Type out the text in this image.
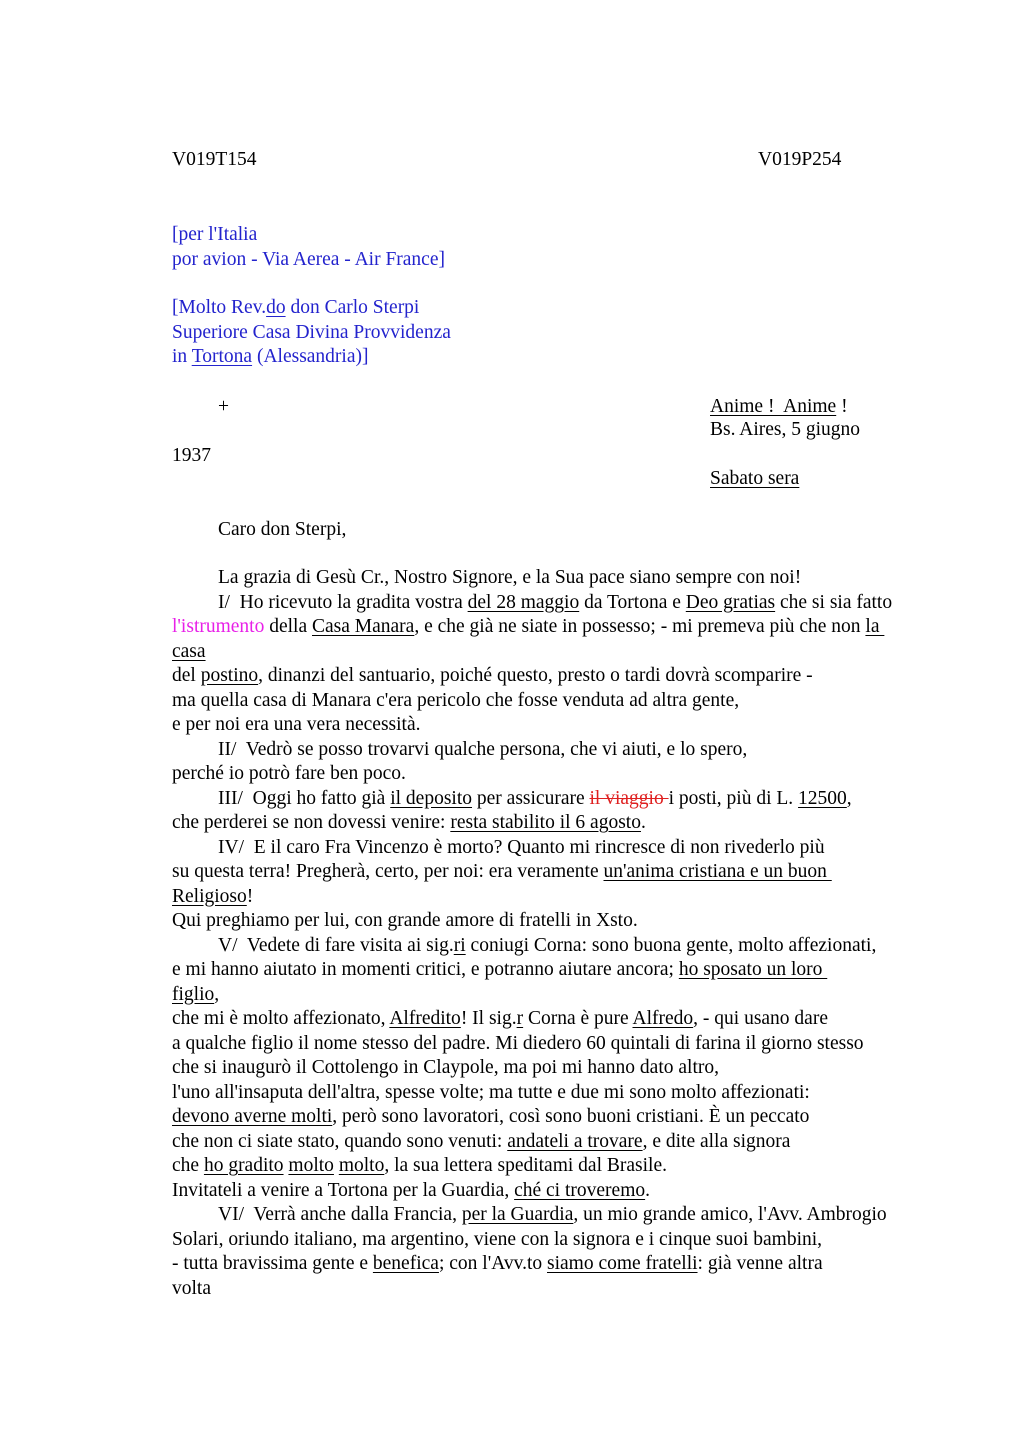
V019T154	V019P254
[per l'Italia
por avion - Via Aerea - Air France]
[Molto Rev.do don Carlo Sterpi
Superiore Casa Divina Provvidenza
in Tortona (Alessandria)]
+	Anime !  Anime !
Bs. Aires, 5 giugno
1937
Sabato sera
Caro don Sterpi,
La grazia di Gesù Cr., Nostro Signore, e la Sua pace siano sempre con noi!
I/  Ho ricevuto la gradita vostra del 28 maggio da Tortona e Deo gratias che si sia fatto
l'istrumento della Casa Manara, e che già ne siate in possesso; - mi premeva più che non la
casa
del postino, dinanzi del santuario, poiché questo, presto o tardi dovrà scomparire -
ma quella casa di Manara c'era pericolo che fosse venduta ad altra gente,
e per noi era una vera necessità.
II/  Vedrò se posso trovarvi qualche persona, che vi aiuti, e lo spero,
perché io potrò fare ben poco.
III/  Oggi ho fatto già il deposito per assicurare il viaggio i posti, più di L. 12500,
che perderei se non dovessi venire: resta stabilito il 6 agosto.
IV/  E il caro Fra Vincenzo è morto? Quanto mi rincresce di non rivederlo più
su questa terra! Pregherà, certo, per noi: era veramente un'anima cristiana e un buon
Religioso!
Qui preghiamo per lui, con grande amore di fratelli in Xsto.
V/  Vedete di fare visita ai sig.ri coniugi Corna: sono buona gente, molto affezionati,
e mi hanno aiutato in momenti critici, e potranno aiutare ancora; ho sposato un loro
figlio,
che mi è molto affezionato, Alfredito! Il sig.r Corna è pure Alfredo, - qui usano dare
a qualche figlio il nome stesso del padre. Mi diedero 60 quintali di farina il giorno stesso
che si inaugurò il Cottolengo in Claypole, ma poi mi hanno dato altro,
l'uno all'insaputa dell'altra, spesse volte; ma tutte e due mi sono molto affezionati:
devono averne molti, però sono lavoratori, così sono buoni cristiani. È un peccato
che non ci siate stato, quando sono venuti: andateli a trovare, e dite alla signora
che ho gradito molto molto, la sua lettera speditami dal Brasile.
Invitateli a venire a Tortona per la Guardia, ché ci troveremo.
VI/  Verrà anche dalla Francia, per la Guardia, un mio grande amico, l'Avv. Ambrogio
Solari, oriundo italiano, ma argentino, viene con la signora e i cinque suoi bambini,
- tutta bravissima gente e benefica; con l'Avv.to siamo come fratelli: già venne altra
volta
